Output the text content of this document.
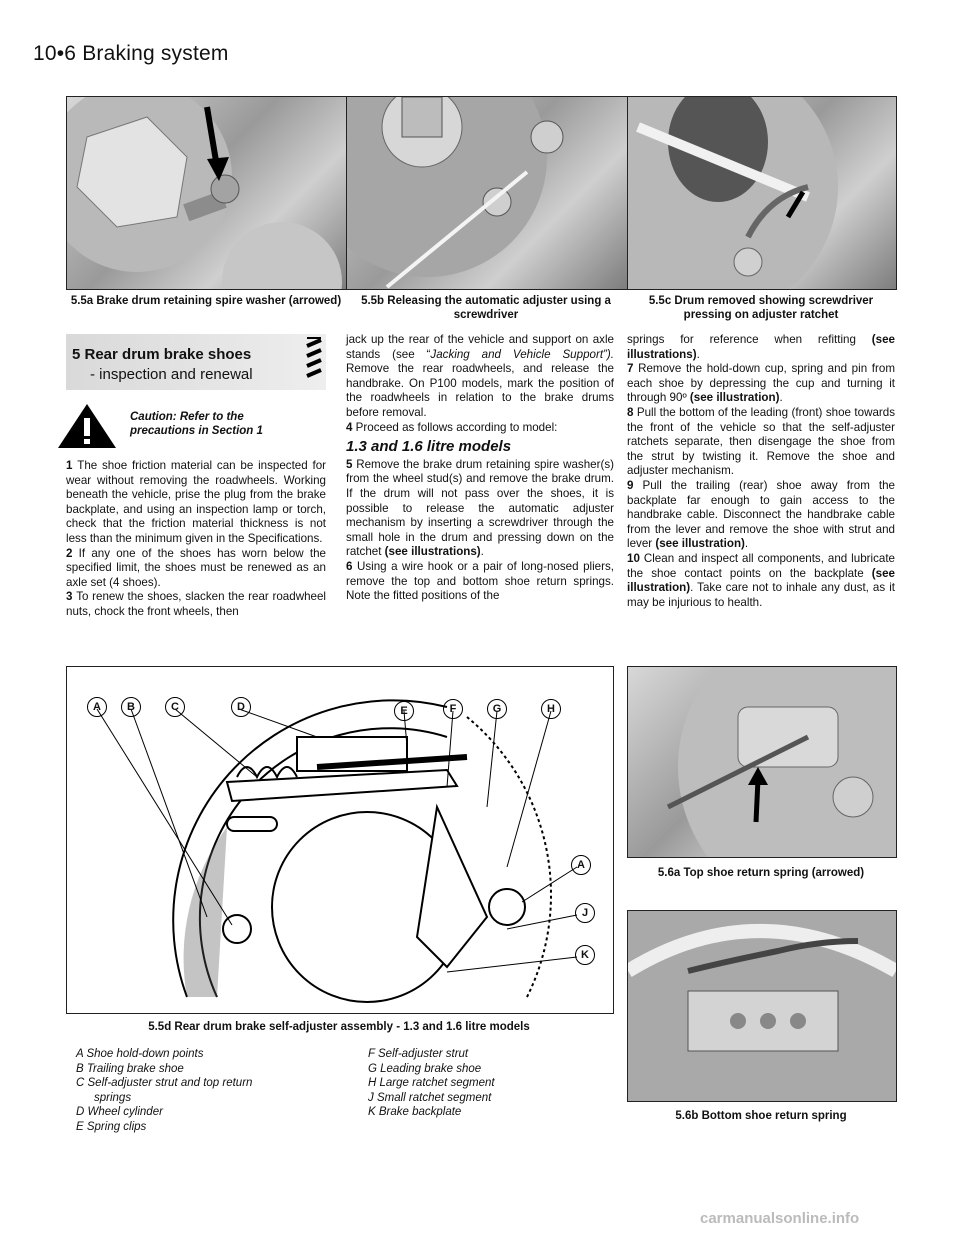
10•6 Braking system
5.5a Brake drum retaining spire washer (arrowed)	5.5b Releasing the automatic adjuster using a screwdriver
5.5c Drum removed showing screwdriver pressing on adjuster ratchet
5 Rear drum brake shoes
- inspection and renewal
Caution: Refer to the precautions in Section 1

1 The shoe friction material can be inspected for wear without removing the roadwheels. Working beneath the vehicle, prise the plug from the brake backplate, and using an inspection lamp or torch, check that the friction material thickness is not less than the minimum given in the Specifications.

2 If any one of the shoes has worn below the specified limit, the shoes must be renewed as an axle set (4 shoes).

3 To renew the shoes, slacken the rear roadwheel nuts, chock the front wheels, then

jack up the rear of the vehicle and support on axle stands (see “Jacking and Vehicle Support”). Remove the rear roadwheels, and release the handbrake. On P100 models, mark the position of the roadwheels in relation to the brake drums before removal.

4 Proceed as follows according to model:

1.3 and 1.6 litre models

5 Remove the brake drum retaining spire washer(s) from the wheel stud(s) and remove the brake drum. If the drum will not pass over the shoes, it is possible to release the automatic adjuster mechanism by inserting a screwdriver through the small hole in the drum and pressing down on the ratchet (see illustrations).

6 Using a wire hook or a pair of long-nosed pliers, remove the top and bottom shoe return springs. Note the fitted positions of the

springs for reference when refitting (see illustrations).

7 Remove the hold-down cup, spring and pin from each shoe by depressing the cup and turning it through 90º (see illustration).

8 Pull the bottom of the leading (front) shoe towards the front of the vehicle so that the self-adjuster ratchets separate, then disengage the shoe from the strut by twisting it. Remove the shoe and adjuster mechanism.

9 Pull the trailing (rear) shoe away from the backplate far enough to gain access to the handbrake cable. Disconnect the handbrake cable from the lever and remove the shoe with strut and lever (see illustration).

10 Clean and inspect all components, and lubricate the shoe contact points on the backplate (see illustration). Take care not to inhale any dust, as it may be injurious to health.

A	B	C	D	E	F	G	H
A
J
K
5.5d Rear drum brake self-adjuster assembly - 1.3 and 1.6 litre models
A Shoe hold-down points
B Trailing brake shoe
C Self-adjuster strut and top return
springs
D Wheel cylinder
E Spring clips
F Self-adjuster strut
G Leading brake shoe
H Large ratchet segment
J Small ratchet segment
K Brake backplate
5.6a Top shoe return spring (arrowed)
5.6b Bottom shoe return spring
carmanualsonline.info
